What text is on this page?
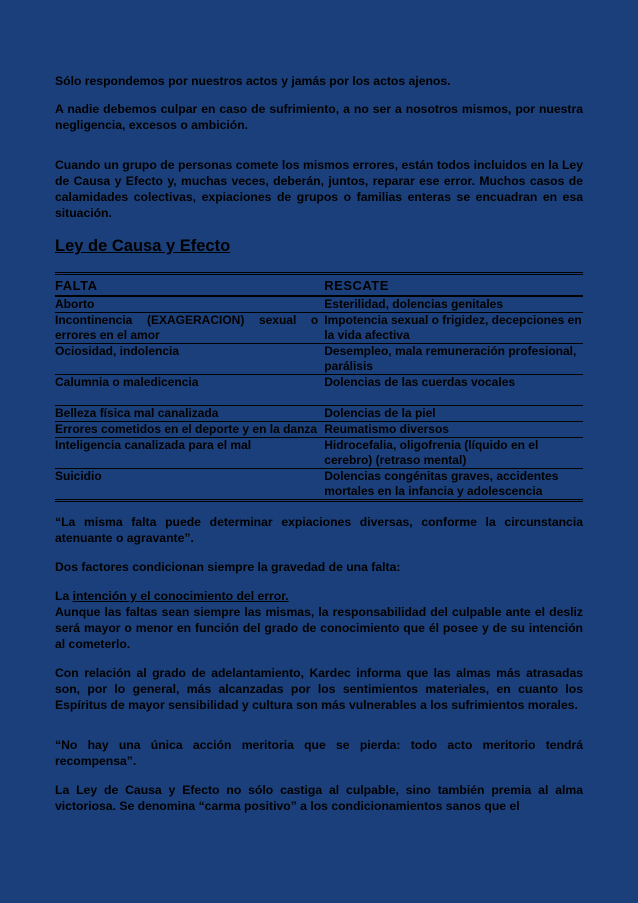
Sólo respondemos por nuestros actos y jamás por los actos ajenos.

A nadie debemos culpar en caso de sufrimiento, a no ser a nosotros mismos, por nuestra negligencia, excesos o ambición.

Cuando un grupo de personas comete los mismos errores, están todos incluidos en la Ley de Causa y Efecto y, muchas veces, deberán, juntos, reparar ese error. Muchos casos de calamidades colectivas, expiaciones de grupos o familias enteras se encuadran en esa situación.

Ley de Causa y Efecto
FALTA	RESCATE
Aborto	Esterilidad, dolencias genitales
Incontinencia (EXAGERACION) sexual o errores en el amor	Impotencia sexual o frigidez, decepciones en la vida afectiva
Ociosidad, indolencia	Desempleo, mala remuneración profesional, parálisis
Calumnia o maledicencia	Dolencias de las cuerdas vocales
Belleza física mal canalizada	Dolencias de la piel
Errores cometidos en el deporte y en la danza	Reumatismo diversos
Inteligencia canalizada para el mal	Hidrocefalia, oligofrenia (líquido en el cerebro) (retraso mental)
Suicidio	Dolencias congénitas graves, accidentes mortales en la infancia y adolescencia

“La misma falta puede determinar expiaciones diversas, conforme la circunstancia atenuante o agravante”.

Dos factores condicionan siempre la gravedad de una falta:

La intención y el conocimiento del error.

Aunque las faltas sean siempre las mismas, la responsabilidad del culpable ante el desliz será mayor o menor en función del grado de conocimiento que él posee y de su intención al cometerlo.

Con relación al grado de adelantamiento, Kardec informa que las almas más atrasadas son, por lo general, más alcanzadas por los sentimientos materiales, en cuanto los Espíritus de mayor sensibilidad y cultura son más vulnerables a los sufrimientos morales.

“No hay una única acción meritoria que se pierda: todo acto meritorio tendrá recompensa”.

La Ley de Causa y Efecto no sólo castiga al culpable, sino también premia al alma victoriosa. Se denomina “carma positivo” a los condicionamientos sanos que el
